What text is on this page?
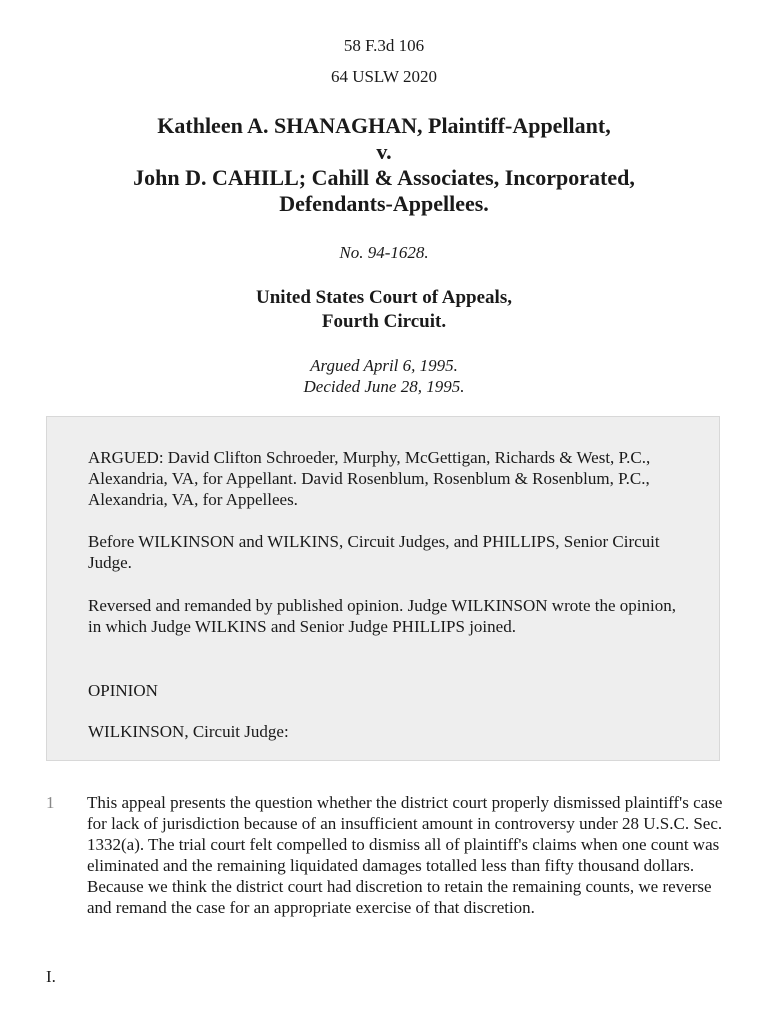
58 F.3d 106
64 USLW 2020
Kathleen A. SHANAGHAN, Plaintiff-Appellant,
v.
John D. CAHILL; Cahill & Associates, Incorporated,
Defendants-Appellees.
No. 94-1628.
United States Court of Appeals,
Fourth Circuit.
Argued April 6, 1995.
Decided June 28, 1995.

ARGUED: David Clifton Schroeder, Murphy, McGettigan, Richards & West, P.C., Alexandria, VA, for Appellant. David Rosenblum, Rosenblum & Rosenblum, P.C., Alexandria, VA, for Appellees.

Before WILKINSON and WILKINS, Circuit Judges, and PHILLIPS, Senior Circuit Judge.

Reversed and remanded by published opinion. Judge WILKINSON wrote the opinion, in which Judge WILKINS and Senior Judge PHILLIPS joined.

OPINION

WILKINSON, Circuit Judge:

1 This appeal presents the question whether the district court properly dismissed plaintiff's case for lack of jurisdiction because of an insufficient amount in controversy under 28 U.S.C. Sec. 1332(a). The trial court felt compelled to dismiss all of plaintiff's claims when one count was eliminated and the remaining liquidated damages totalled less than fifty thousand dollars. Because we think the district court had discretion to retain the remaining counts, we reverse and remand the case for an appropriate exercise of that discretion.

I.
